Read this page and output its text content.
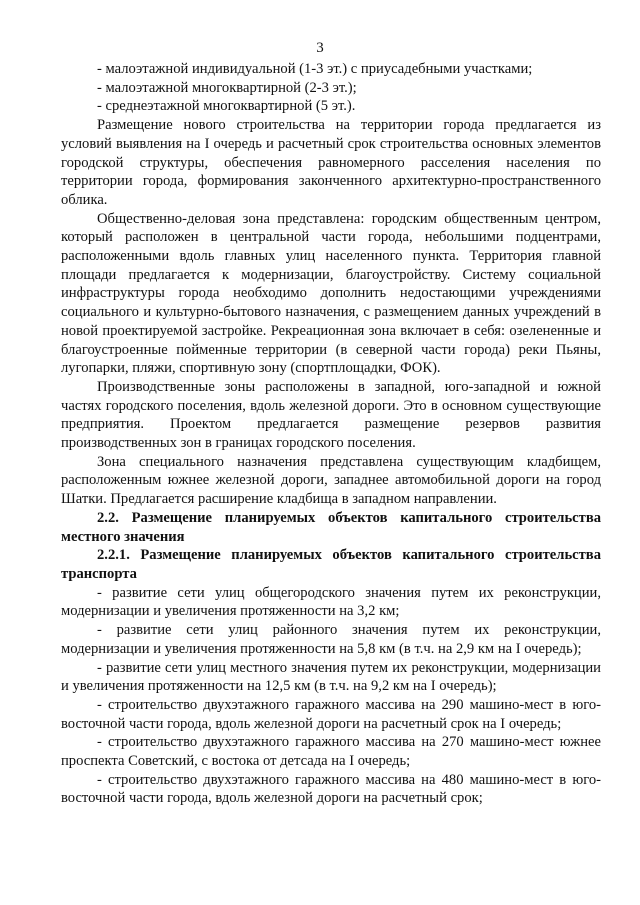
3

- малоэтажной индивидуальной (1-3 эт.) с приусадебными участками;

- малоэтажной многоквартирной (2-3 эт.);

- среднеэтажной многоквартирной (5 эт.).

Размещение нового строительства на территории города предлагается из условий выявления на I очередь и расчетный срок строительства основных элементов городской структуры, обеспечения равномерного расселения населения по территории города, формирования законченного архитектурно-пространственного облика.

Общественно-деловая зона представлена: городским общественным центром, который расположен в центральной части города, небольшими подцентрами, расположенными вдоль главных улиц населенного пункта. Территория главной площади предлагается к модернизации, благоустройству. Систему социальной инфраструктуры города необходимо дополнить недостающими учреждениями социального и культурно-бытового назначения, с размещением данных учреждений в новой проектируемой застройке. Рекреационная зона включает в себя: озелененные и благоустроенные пойменные территории (в северной части города) реки Пьяны, лугопарки, пляжи, спортивную зону (спортплощадки, ФОК).

Производственные зоны расположены в западной, юго-западной и южной частях городского поселения, вдоль железной дороги. Это в основном существующие предприятия. Проектом предлагается размещение резервов развития производственных зон в границах городского поселения.

Зона специального назначения представлена существующим кладбищем, расположенным южнее железной дороги, западнее автомобильной дороги на город Шатки. Предлагается расширение кладбища в западном направлении.

2.2. Размещение планируемых объектов капитального строительства местного значения

2.2.1. Размещение планируемых объектов капитального строительства транспорта

- развитие сети улиц общегородского значения путем их реконструкции, модернизации и увеличения протяженности на 3,2 км;

- развитие сети улиц районного значения путем их реконструкции, модернизации и увеличения протяженности на 5,8 км (в т.ч. на 2,9 км на I очередь);

- развитие сети улиц местного значения путем их реконструкции, модернизации и увеличения протяженности на 12,5 км (в т.ч. на 9,2 км на I очередь);

- строительство двухэтажного гаражного массива на 290 машино-мест в юго-восточной части города, вдоль железной дороги на расчетный срок на I очередь;

- строительство двухэтажного гаражного массива на 270 машино-мест южнее проспекта Советский, с востока от детсада на I очередь;

- строительство двухэтажного гаражного массива на 480 машино-мест в юго-восточной части города, вдоль железной дороги на расчетный срок;
